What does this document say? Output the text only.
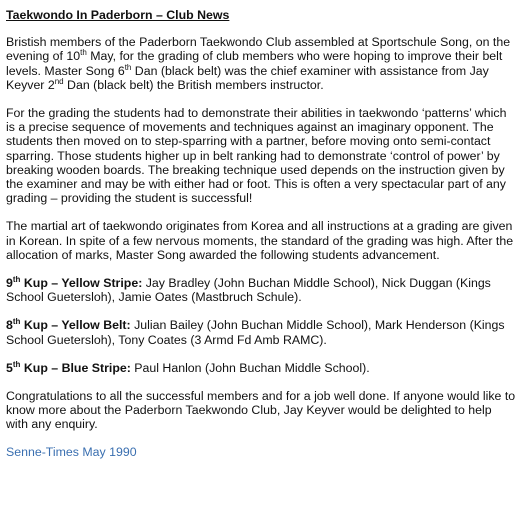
Taekwondo In Paderborn – Club News

Bristish members of the Paderborn Taekwondo Club assembled at Sportschule Song, on the evening of 10th May, for the grading of club members who were hoping to improve their belt levels. Master Song 6th Dan (black belt) was the chief examiner with assistance from Jay Keyver 2nd Dan (black belt) the British members instructor.

For the grading the students had to demonstrate their abilities in taekwondo ‘patterns’ which is a precise sequence of movements and techniques against an imaginary opponent. The students then moved on to step-sparring with a partner, before moving onto semi-contact sparring. Those students higher up in belt ranking had to demonstrate ‘control of power’ by breaking wooden boards. The breaking technique used depends on the instruction given by the examiner and may be with either had or foot. This is often a very spectacular part of any grading – providing the student is successful!

The martial art of taekwondo originates from Korea and all instructions at a grading are given in Korean. In spite of a few nervous moments, the standard of the grading was high. After the allocation of marks, Master Song awarded the following students advancement.

9th Kup – Yellow Stripe: Jay Bradley (John Buchan Middle School), Nick Duggan (Kings School Guetersloh), Jamie Oates (Mastbruch Schule).

8th Kup – Yellow Belt: Julian Bailey (John Buchan Middle School), Mark Henderson (Kings School Guetersloh), Tony Coates (3 Armd Fd Amb RAMC).

5th Kup – Blue Stripe: Paul Hanlon (John Buchan Middle School).

Congratulations to all the successful members and for a job well done. If anyone would like to know more about the Paderborn Taekwondo Club, Jay Keyver would be delighted to help with any enquiry.

Senne-Times May 1990
